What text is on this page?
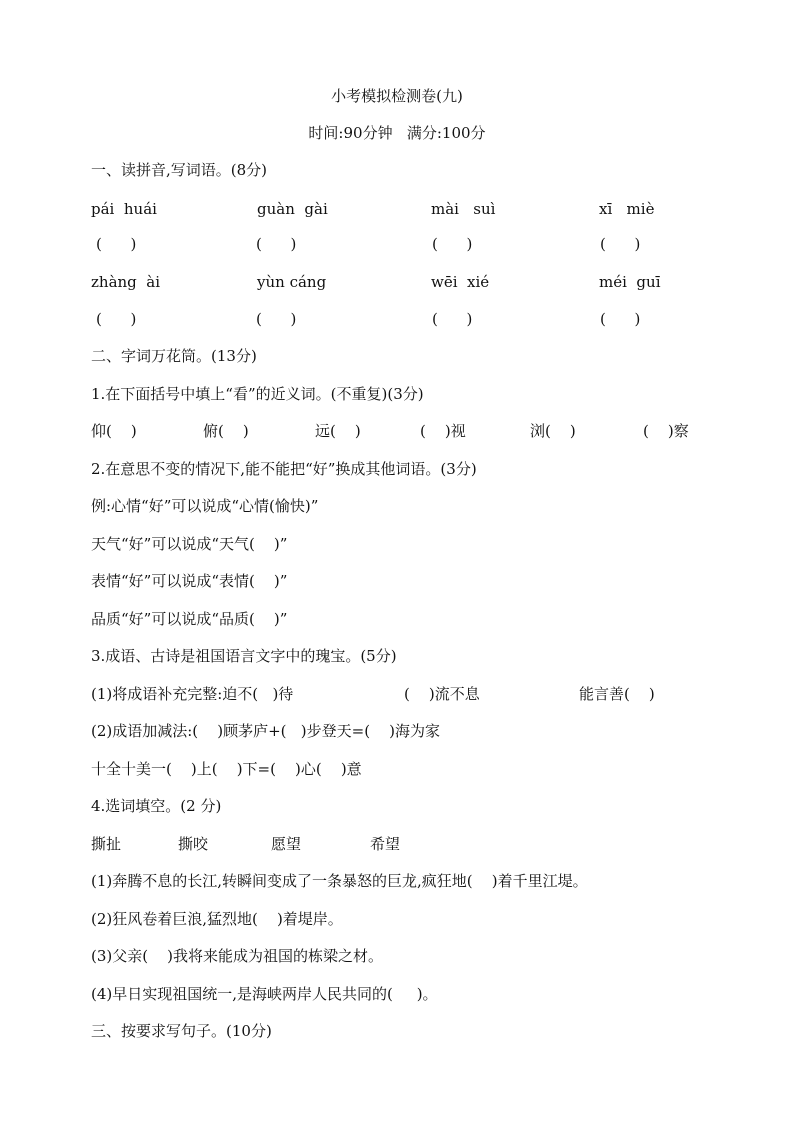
小考模拟检测卷(九)
时间:90分钟   满分:100分
一、读拼音,写词语。(8分)
pái  huái	guàn  gài	mài   suì	xī   miè
(      )	(      )	(      )	(      )
zhàng  ài	yùn cáng	wēi  xié	méi  guī
(      )	(      )	(      )	(      )
二、字词万花筒。(13分)
1.在下面括号中填上“看”的近义词。(不重复)(3分)
仰(    )	俯(    )	远(    )	(    )视	浏(    )	(    )察
2.在意思不变的情况下,能不能把“好”换成其他词语。(3分)
例:心情“好”可以说成“心情(愉快)”
天气“好”可以说成“天气(    )”
表情“好”可以说成“表情(    )”
品质“好”可以说成“品质(    )”
3.成语、古诗是祖国语言文字中的瑰宝。(5分)
(1)将成语补充完整:迫不(   )待	(    )流不息	能言善(    )
(2)成语加减法:(    )顾茅庐+(   )步登天=(    )海为家
十全十美一(    )上(    )下=(    )心(    )意
4.选词填空。(2 分)
撕扯	撕咬	愿望	希望
(1)奔腾不息的长江,转瞬间变成了一条暴怒的巨龙,疯狂地(    )着千里江堤。
(2)狂风卷着巨浪,猛烈地(    )着堤岸。
(3)父亲(    )我将来能成为祖国的栋梁之材。
(4)早日实现祖国统一,是海峡两岸人民共同的(     )。
三、按要求写句子。(10分)
